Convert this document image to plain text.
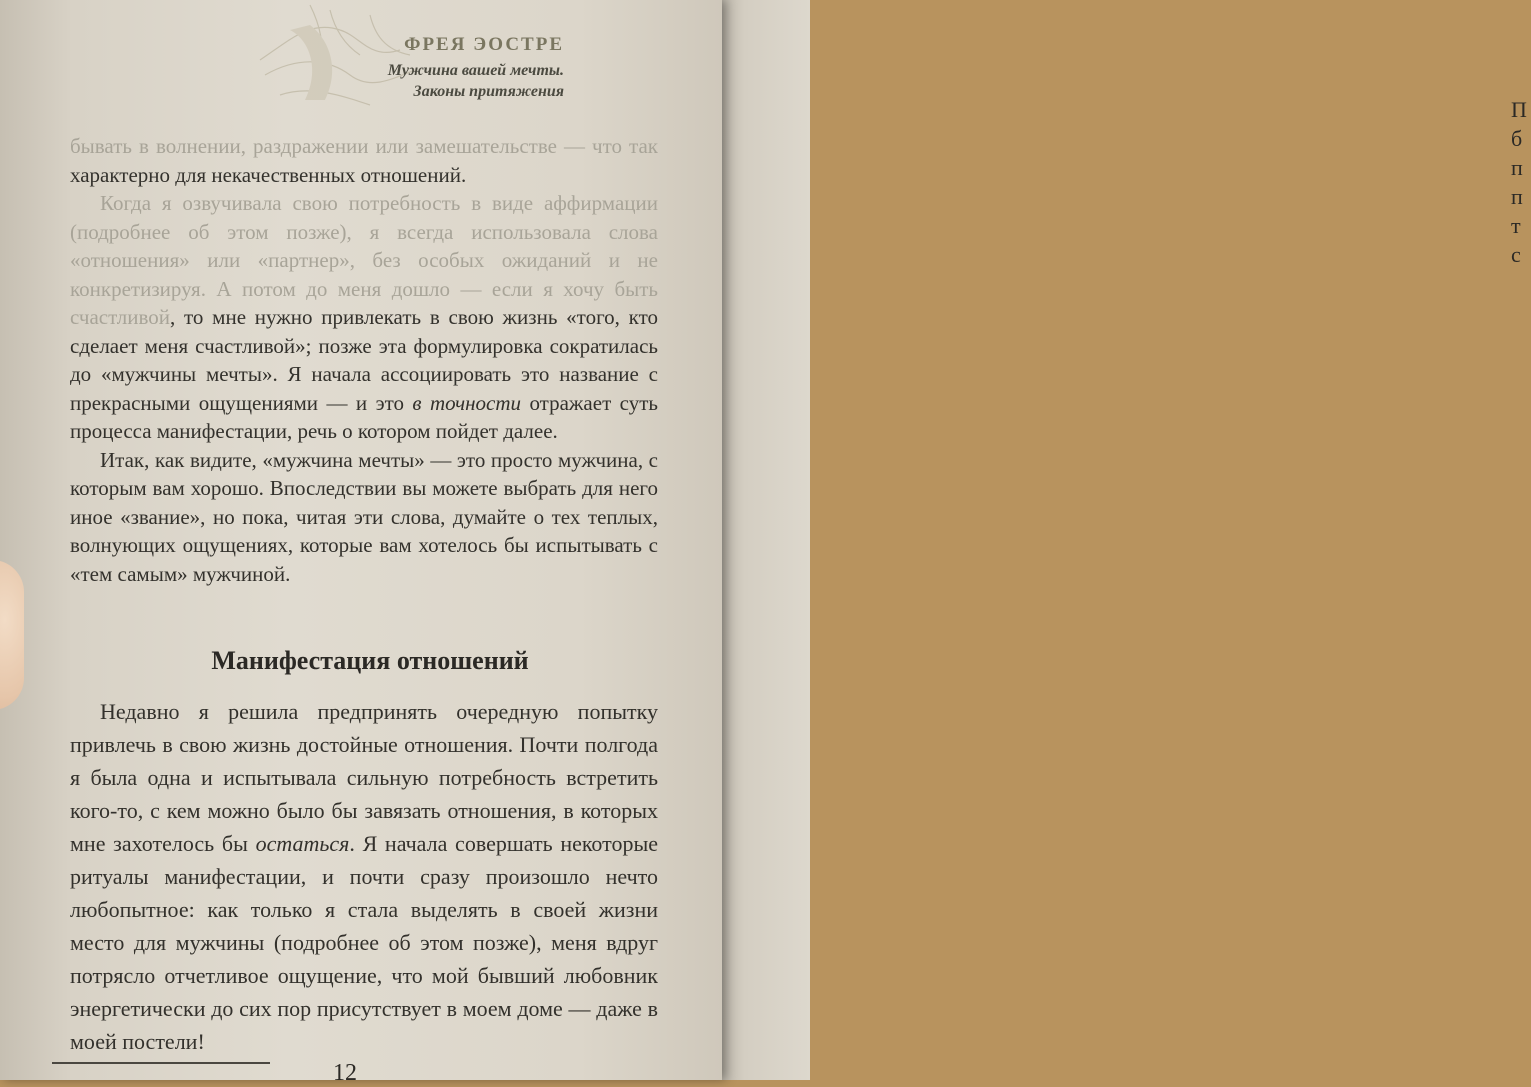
П
б
п
п
т
с
ФРЕЯ ЭОСТРЕ
Мужчина вашей мечты.
Законы притяжения

бывать в волнении, раздражении или замешательстве — что так характерно для некачественных отношений.

Когда я озвучивала свою потребность в виде аффирмации (подробнее об этом позже), я всегда использовала слова «отношения» или «партнер», без особых ожиданий и не конкретизируя. А потом до меня дошло — если я хочу быть счастливой, то мне нужно привлекать в свою жизнь «того, кто сделает меня счастливой»; позже эта формулировка сократилась до «мужчины мечты». Я начала ассоциировать это название с прекрасными ощущениями — и это в точности отражает суть процесса манифестации, речь о котором пойдет далее.

Итак, как видите, «мужчина мечты» — это просто мужчина, с которым вам хорошо. Впоследствии вы можете выбрать для него иное «звание», но пока, читая эти слова, думайте о тех теплых, волнующих ощущениях, которые вам хотелось бы испытывать с «тем самым» мужчиной.

Манифестация отношений

Недавно я решила предпринять очередную попытку привлечь в свою жизнь достойные отношения. Почти полгода я была одна и испытывала сильную потребность встретить кого-то, с кем можно было бы завязать отношения, в которых мне захотелось бы остаться. Я начала совершать некоторые ритуалы манифестации, и почти сразу произошло нечто любопытное: как только я стала выделять в своей жизни место для мужчины (подробнее об этом позже), меня вдруг потрясло отчетливое ощущение, что мой бывший любовник энергетически до сих пор присутствует в моем доме — даже в моей постели!

12
